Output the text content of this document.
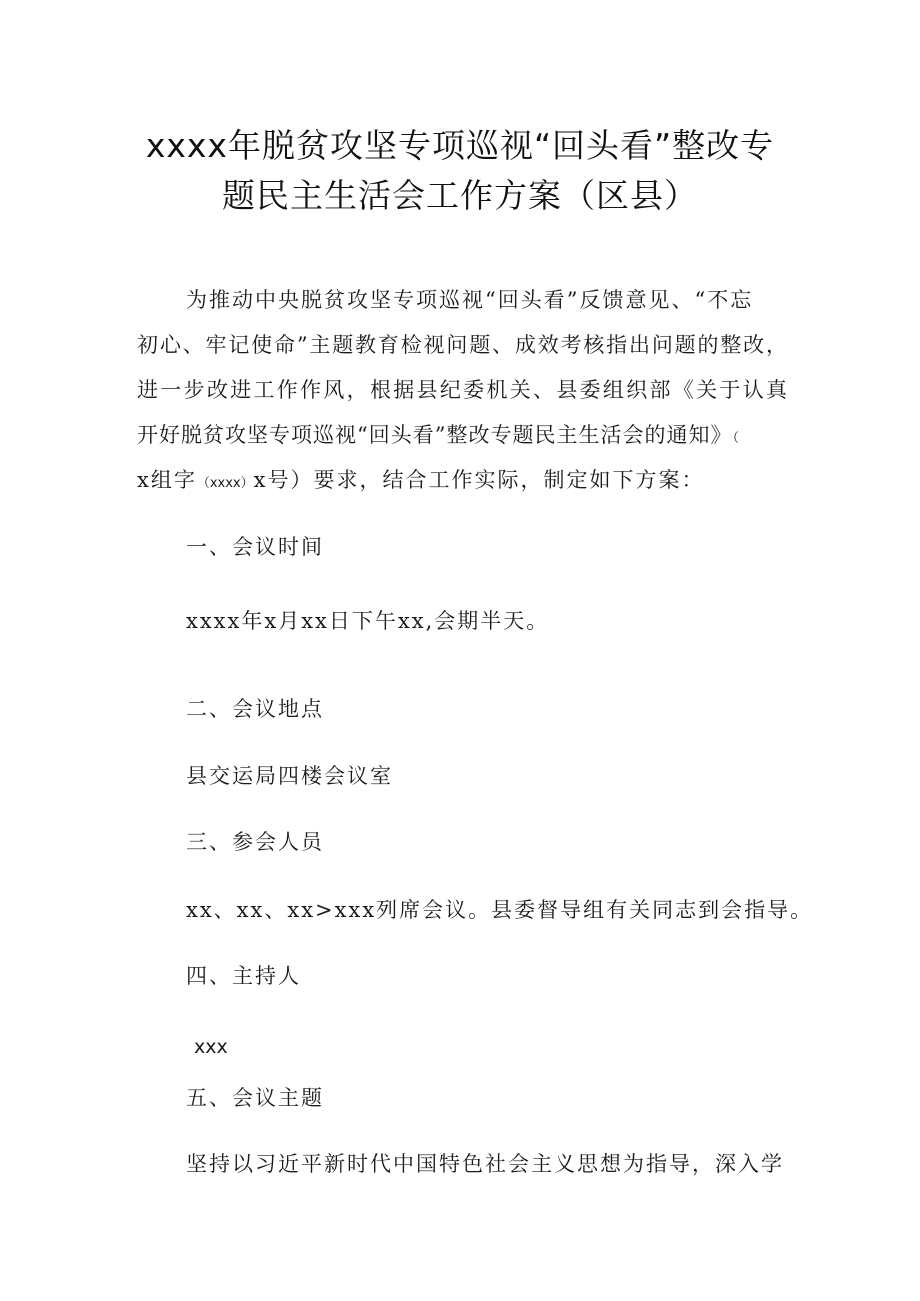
xxxx年脱贫攻坚专项巡视“回头看”整改专
题民主生活会工作方案（区县）
为推动中央脱贫攻坚专项巡视“回头看”反馈意见、“不忘
初心、牢记使命”主题教育检视问题、成效考核指出问题的整改，
进一步改进工作作风，根据县纪委机关、县委组织部《关于认真
开好脱贫攻坚专项巡视“回头看”整改专题民主生活会的通知》（
x组字（xxxx）x号）要求，结合工作实际，制定如下方案：
一、会议时间
xxxx年x月xx日下午xx,会期半天。
二、会议地点
县交运局四楼会议室
三、参会人员
xx、xx、xx>xxx列席会议。县委督导组有关同志到会指导。
四、主持人
xxx
五、会议主题
坚持以习近平新时代中国特色社会主义思想为指导，深入学
